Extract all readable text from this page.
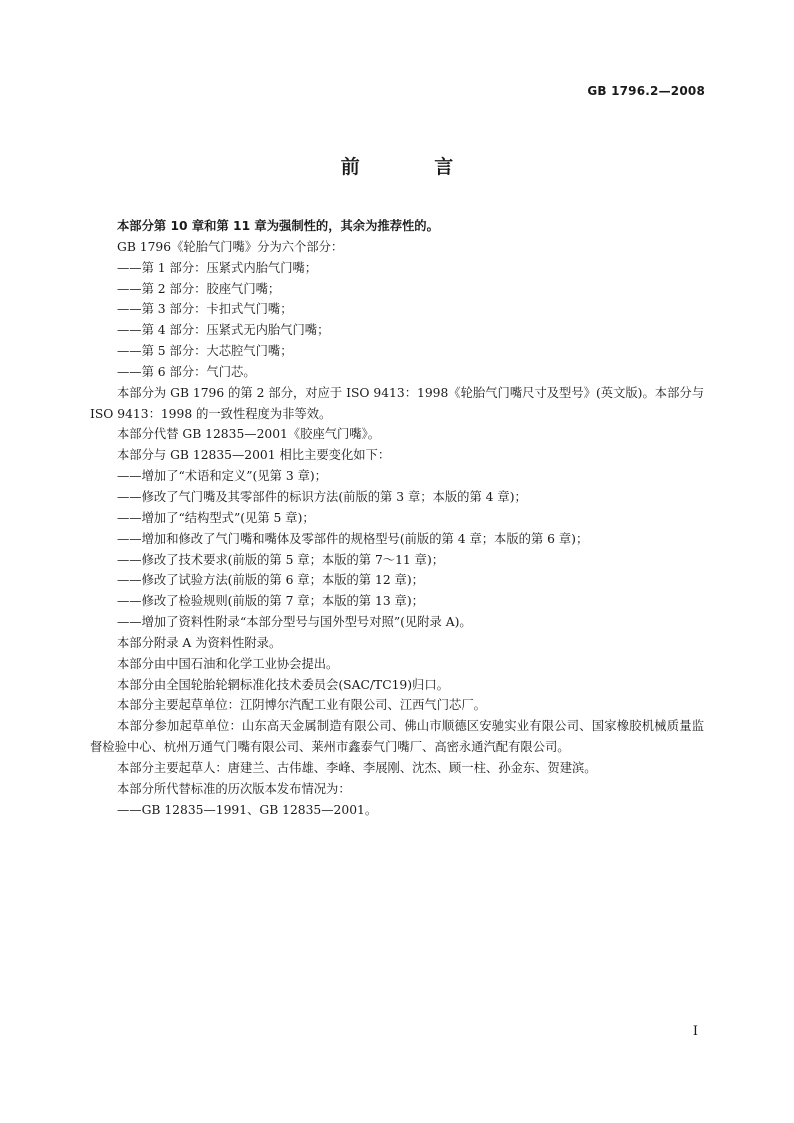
GB 1796.2—2008
前 言

本部分第 10 章和第 11 章为强制性的，其余为推荐性的。

GB 1796《轮胎气门嘴》分为六个部分：

——第 1 部分：压紧式内胎气门嘴；

——第 2 部分：胶座气门嘴；

——第 3 部分：卡扣式气门嘴；

——第 4 部分：压紧式无内胎气门嘴；

——第 5 部分：大芯腔气门嘴；

——第 6 部分：气门芯。

本部分为 GB 1796 的第 2 部分，对应于 ISO 9413：1998《轮胎气门嘴尺寸及型号》(英文版)。本部分与 ISO 9413：1998 的一致性程度为非等效。

本部分代替 GB 12835—2001《胶座气门嘴》。

本部分与 GB 12835—2001 相比主要变化如下：

——增加了“术语和定义”(见第 3 章)；

——修改了气门嘴及其零部件的标识方法(前版的第 3 章；本版的第 4 章)；

——增加了“结构型式”(见第 5 章)；

——增加和修改了气门嘴和嘴体及零部件的规格型号(前版的第 4 章；本版的第 6 章)；

——修改了技术要求(前版的第 5 章；本版的第 7～11 章)；

——修改了试验方法(前版的第 6 章；本版的第 12 章)；

——修改了检验规则(前版的第 7 章；本版的第 13 章)；

——增加了资料性附录“本部分型号与国外型号对照”(见附录 A)。

本部分附录 A 为资料性附录。

本部分由中国石油和化学工业协会提出。

本部分由全国轮胎轮辋标准化技术委员会(SAC/TC19)归口。

本部分主要起草单位：江阴博尔汽配工业有限公司、江西气门芯厂。

本部分参加起草单位：山东高天金属制造有限公司、佛山市顺德区安驰实业有限公司、国家橡胶机械质量监督检验中心、杭州万通气门嘴有限公司、莱州市鑫泰气门嘴厂、高密永通汽配有限公司。

本部分主要起草人：唐建兰、古伟雄、李峰、李展刚、沈杰、顾一柱、孙金东、贺建滨。

本部分所代替标准的历次版本发布情况为：

——GB 12835—1991、GB 12835—2001。

I
